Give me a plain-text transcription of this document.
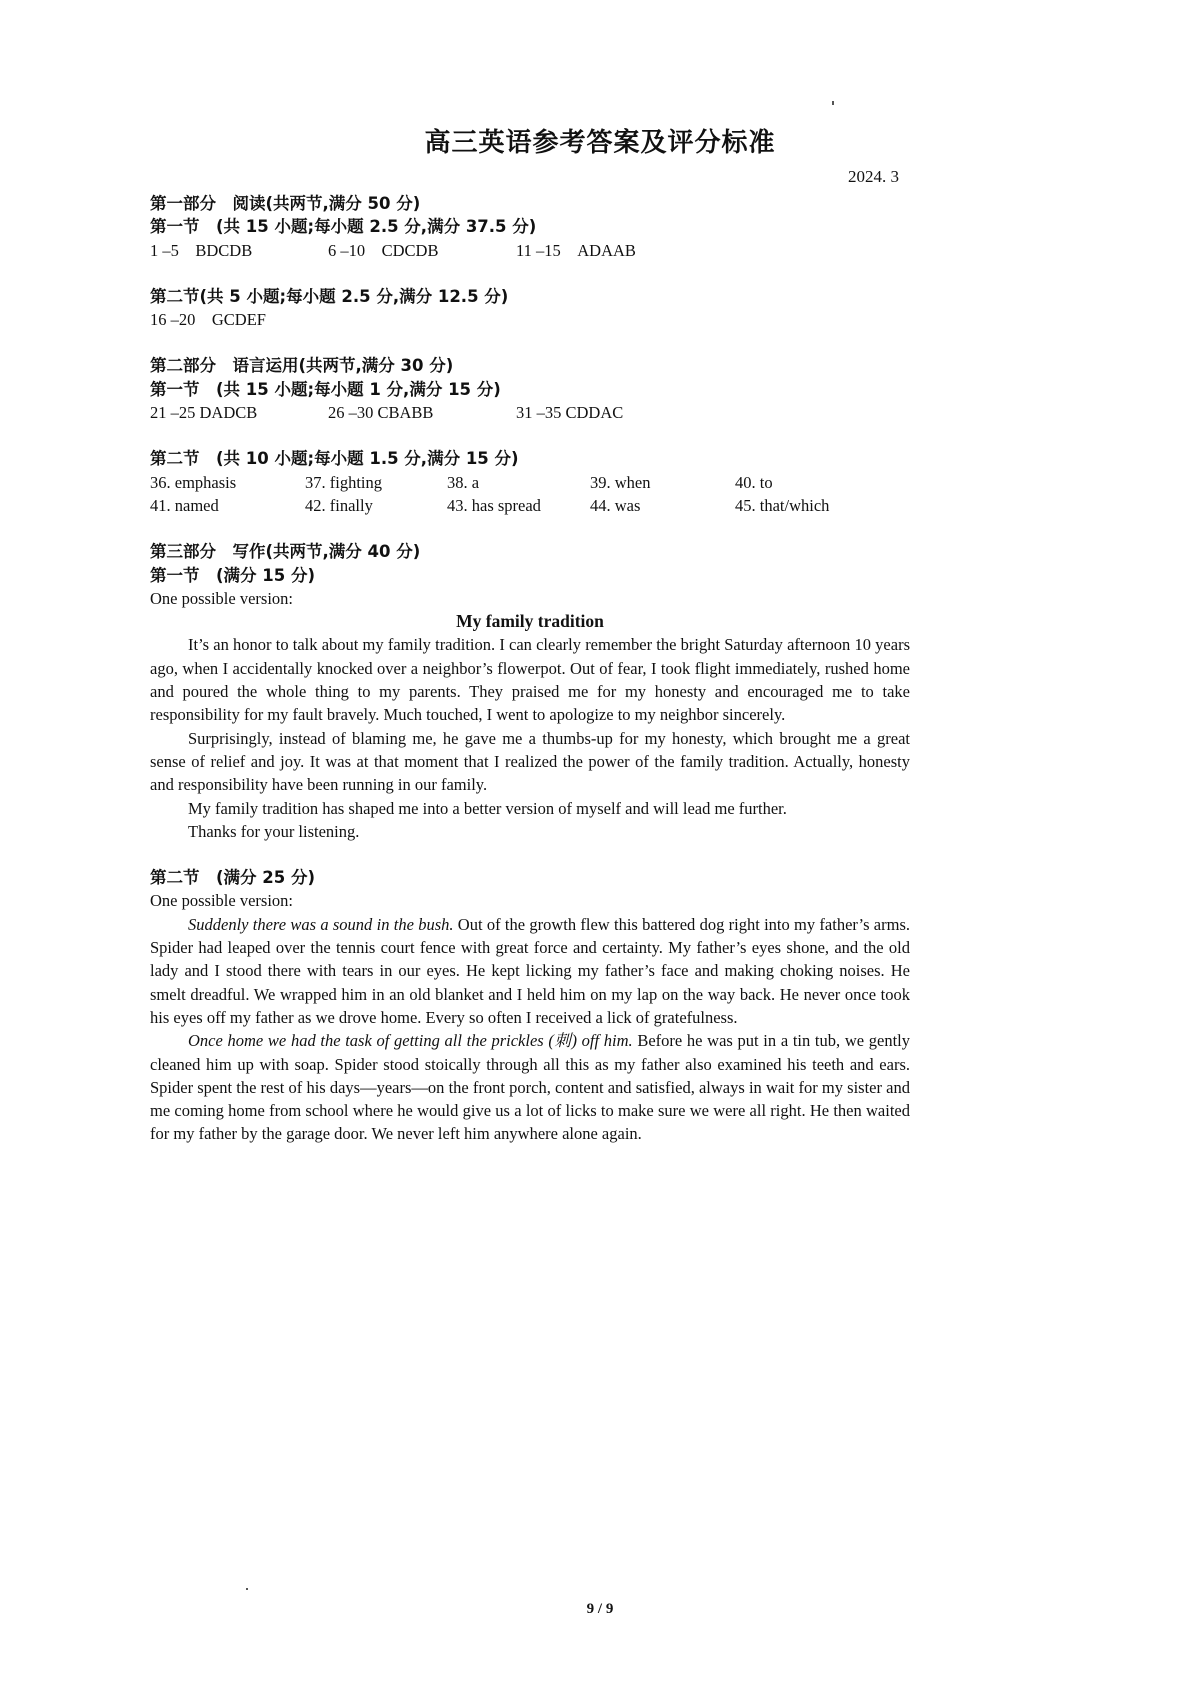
高三英语参考答案及评分标准
2024. 3
第一部分　阅读(共两节,满分 50 分)
第一节　(共 15 小题;每小题 2.5 分,满分 37.5 分)
1 –5　BDCDB	6 –10　CDCDB	11 –15　ADAAB
第二节(共 5 小题;每小题 2.5 分,满分 12.5 分)
16 –20　GCDEF
第二部分　语言运用(共两节,满分 30 分)
第一节　(共 15 小题;每小题 1 分,满分 15 分)
21 –25 DADCB	26 –30 CBABB	31 –35 CDDAC
第二节　(共 10 小题;每小题 1.5 分,满分 15 分)
36. emphasis	37. fighting	38. a	39. when	40. to
41. named	42. finally	43. has spread	44. was	45. that/which
第三部分　写作(共两节,满分 40 分)
第一节　(满分 15 分)
One possible version:
My family tradition
It’s an honor to talk about my family tradition. I can clearly remember the bright Saturday afternoon 10 years ago, when I accidentally knocked over a neighbor’s flowerpot. Out of fear, I took flight immediately, rushed home and poured the whole thing to my parents. They praised me for my honesty and encouraged me to take responsibility for my fault bravely. Much touched, I went to apologize to my neighbor sincerely.
Surprisingly, instead of blaming me, he gave me a thumbs-up for my honesty, which brought me a great sense of relief and joy. It was at that moment that I realized the power of the family tradition. Actually, honesty and responsibility have been running in our family.
My family tradition has shaped me into a better version of myself and will lead me further.
Thanks for your listening.
第二节　(满分 25 分)
One possible version:
Suddenly there was a sound in the bush. Out of the growth flew this battered dog right into my father’s arms. Spider had leaped over the tennis court fence with great force and certainty. My father’s eyes shone, and the old lady and I stood there with tears in our eyes. He kept licking my father’s face and making choking noises. He smelt dreadful. We wrapped him in an old blanket and I held him on my lap on the way back. He never once took his eyes off my father as we drove home. Every so often I received a lick of gratefulness.
Once home we had the task of getting all the prickles (刺) off him. Before he was put in a tin tub, we gently cleaned him up with soap. Spider stood stoically through all this as my father also examined his teeth and ears. Spider spent the rest of his days—years—on the front porch, content and satisfied, always in wait for my sister and me coming home from school where he would give us a lot of licks to make sure we were all right. He then waited for my father by the garage door. We never left him anywhere alone again.
9 / 9
